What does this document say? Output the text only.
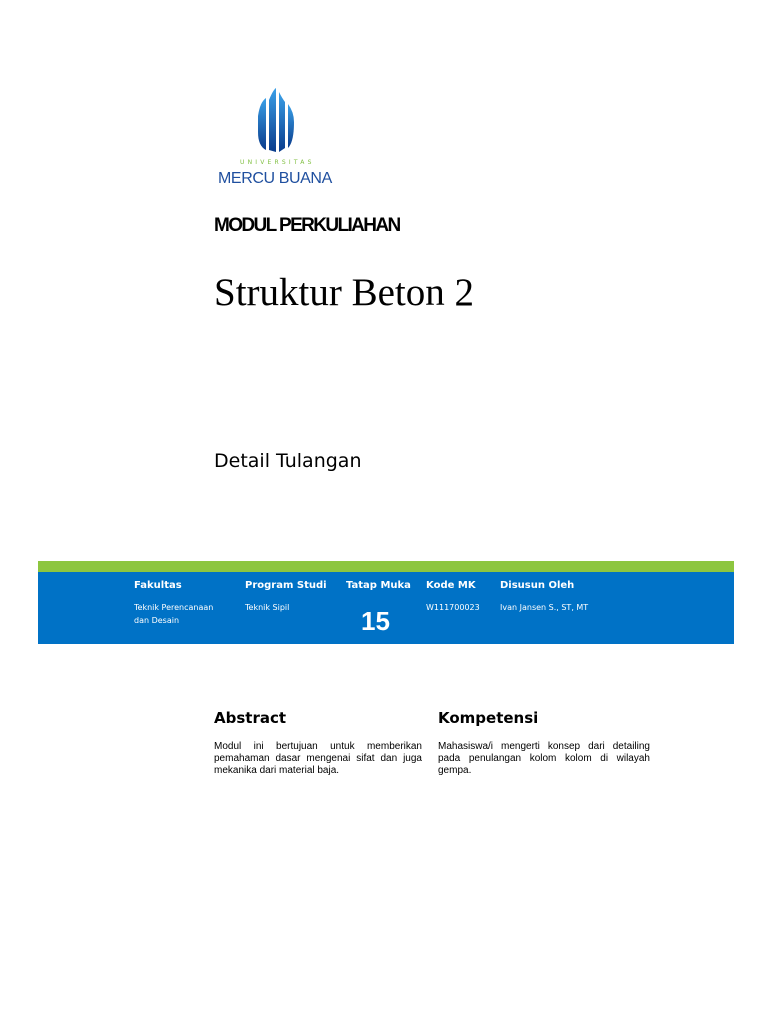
UNIVERSITAS
MERCU BUANA
MODUL PERKULIAHAN
Struktur Beton 2
Detail Tulangan
Fakultas
Teknik Perencanaan dan Desain
Program Studi
Teknik Sipil
Tatap Muka
15
Kode MK
W111700023
Disusun Oleh
Ivan Jansen S., ST, MT
Abstract
Modul ini bertujuan untuk memberikan pemahaman dasar mengenai sifat dan juga mekanika dari material baja.
Kompetensi
Mahasiswa/i mengerti konsep dari detailing pada penulangan kolom kolom di wilayah gempa.
